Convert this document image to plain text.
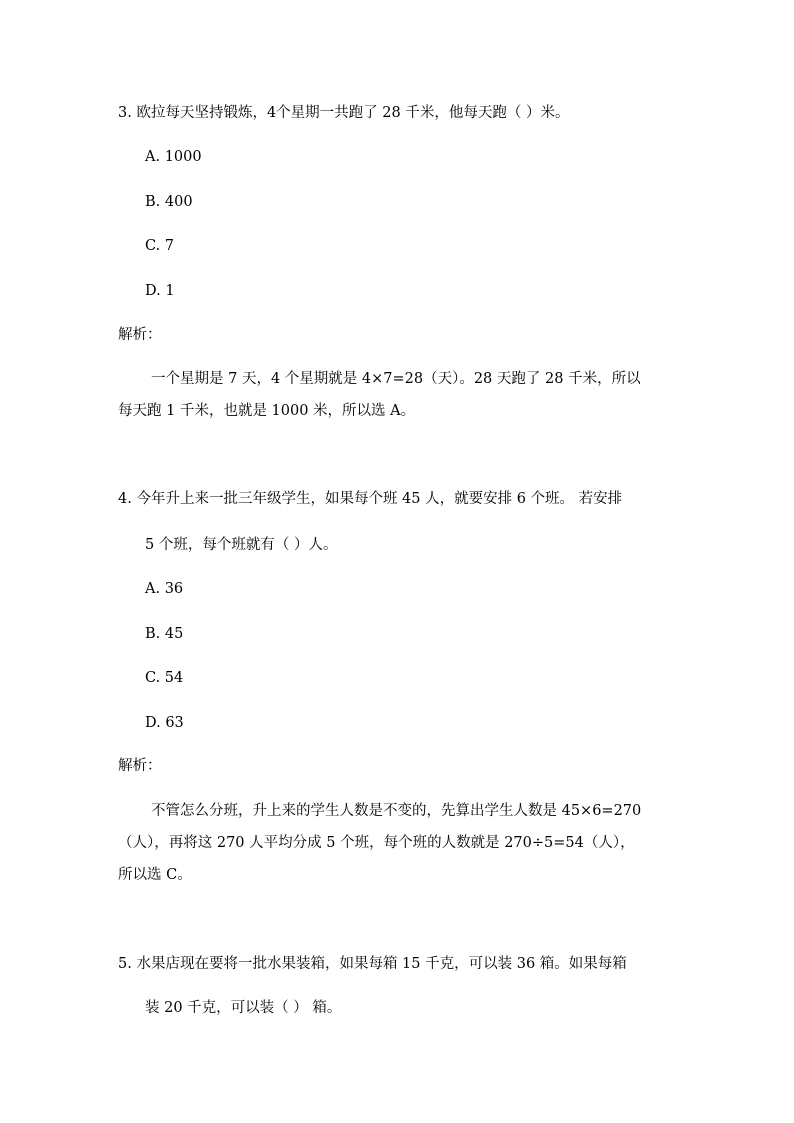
3. 欧拉每天坚持锻炼，4个星期一共跑了 28 千米，他每天跑（ ）米。
A. 1000
B. 400
C. 7
D. 1
解析：
一个星期是 7 天，4 个星期就是 4×7=28（天）。28 天跑了 28 千米，所以
每天跑 1 千米，也就是 1000 米，所以选 A。
4. 今年升上来一批三年级学生，如果每个班 45 人，就要安排 6 个班。 若安排
5 个班，每个班就有（ ）人。
A. 36
B. 45
C. 54
D. 63
解析：
不管怎么分班，升上来的学生人数是不变的，先算出学生人数是 45×6=270
（人），再将这 270 人平均分成 5 个班，每个班的人数就是 270÷5=54（人），
所以选 C。
5. 水果店现在要将一批水果装箱，如果每箱 15 千克，可以装 36 箱。如果每箱
装 20 千克，可以装（ ） 箱。
